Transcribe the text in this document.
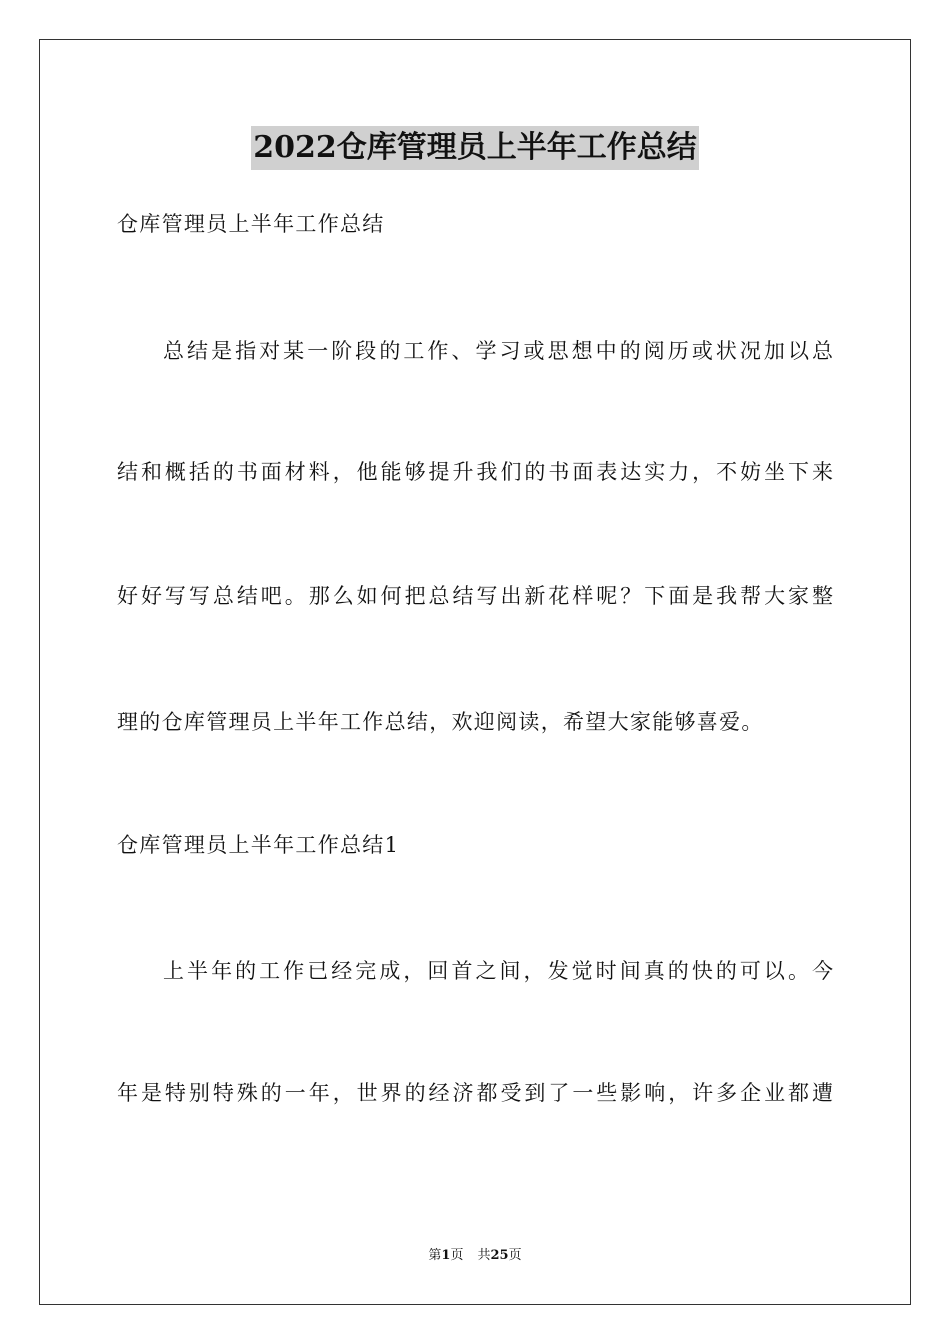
2022仓库管理员上半年工作总结
仓库管理员上半年工作总结
总结是指对某一阶段的工作、学习或思想中的阅历或状况加以总
结和概括的书面材料，他能够提升我们的书面表达实力，不妨坐下来
好好写写总结吧。那么如何把总结写出新花样呢？下面是我帮大家整
理的仓库管理员上半年工作总结，欢迎阅读，希望大家能够喜爱。
仓库管理员上半年工作总结1
上半年的工作已经完成，回首之间，发觉时间真的快的可以。今
年是特别特殊的一年，世界的经济都受到了一些影响，许多企业都遭
第1页 共25页
